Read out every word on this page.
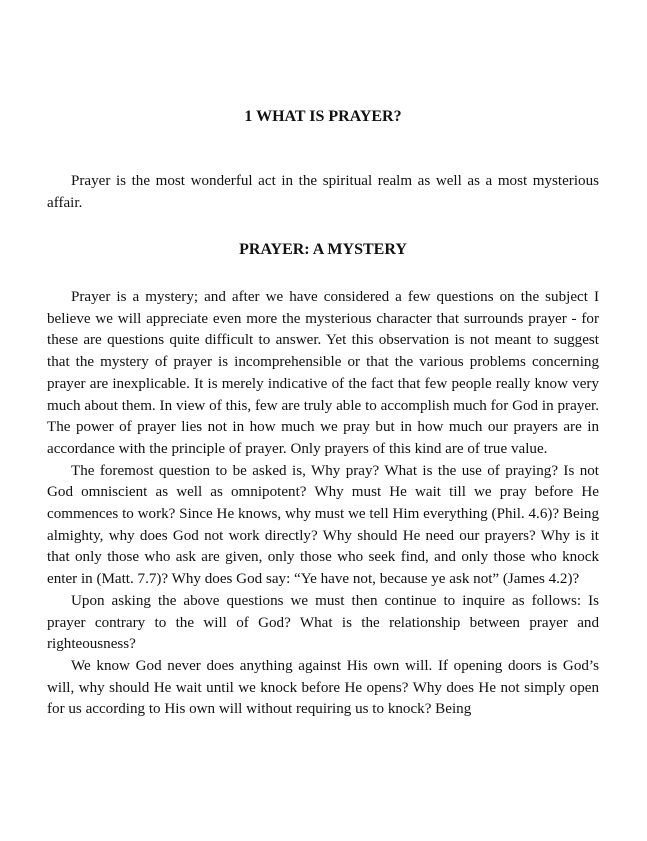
1 WHAT IS PRAYER?

Prayer is the most wonderful act in the spiritual realm as well as a most mysterious affair.

PRAYER: A MYSTERY

Prayer is a mystery; and after we have considered a few questions on the subject I believe we will appreciate even more the mysterious character that surrounds prayer - for these are questions quite difficult to answer. Yet this observation is not meant to suggest that the mystery of prayer is incomprehensible or that the various problems concerning prayer are inexplicable. It is merely indicative of the fact that few people really know very much about them. In view of this, few are truly able to accomplish much for God in prayer. The power of prayer lies not in how much we pray but in how much our prayers are in accordance with the principle of prayer. Only prayers of this kind are of true value.

The foremost question to be asked is, Why pray? What is the use of praying? Is not God omniscient as well as omnipotent? Why must He wait till we pray before He commences to work? Since He knows, why must we tell Him everything (Phil. 4.6)? Being almighty, why does God not work directly? Why should He need our prayers? Why is it that only those who ask are given, only those who seek find, and only those who knock enter in (Matt. 7.7)? Why does God say: “Ye have not, because ye ask not” (James 4.2)?

Upon asking the above questions we must then continue to inquire as follows: Is prayer contrary to the will of God? What is the relationship between prayer and righteousness?

We know God never does anything against His own will. If opening doors is God’s will, why should He wait until we knock before He opens? Why does He not simply open for us according to His own will without requiring us to knock? Being
